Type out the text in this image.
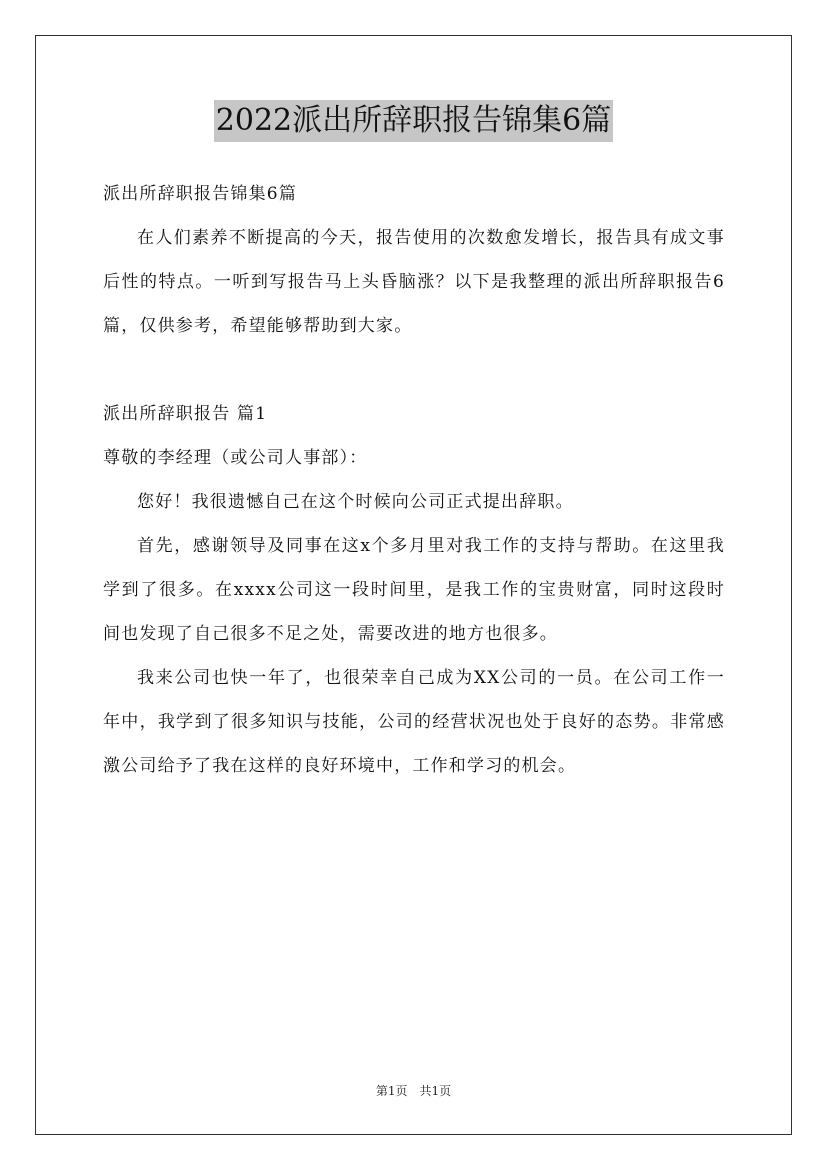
2022派出所辞职报告锦集6篇

派出所辞职报告锦集6篇

在人们素养不断提高的今天，报告使用的次数愈发增长，报告具有成文事后性的特点。一听到写报告马上头昏脑涨？以下是我整理的派出所辞职报告6篇，仅供参考，希望能够帮助到大家。

派出所辞职报告 篇1

尊敬的李经理（或公司人事部）：

您好！我很遗憾自己在这个时候向公司正式提出辞职。

首先，感谢领导及同事在这x个多月里对我工作的支持与帮助。在这里我学到了很多。在xxxx公司这一段时间里，是我工作的宝贵财富，同时这段时间也发现了自己很多不足之处，需要改进的地方也很多。

我来公司也快一年了，也很荣幸自己成为XX公司的一员。在公司工作一年中，我学到了很多知识与技能，公司的经营状况也处于良好的态势。非常感激公司给予了我在这样的良好环境中，工作和学习的机会。

第1页　共1页
